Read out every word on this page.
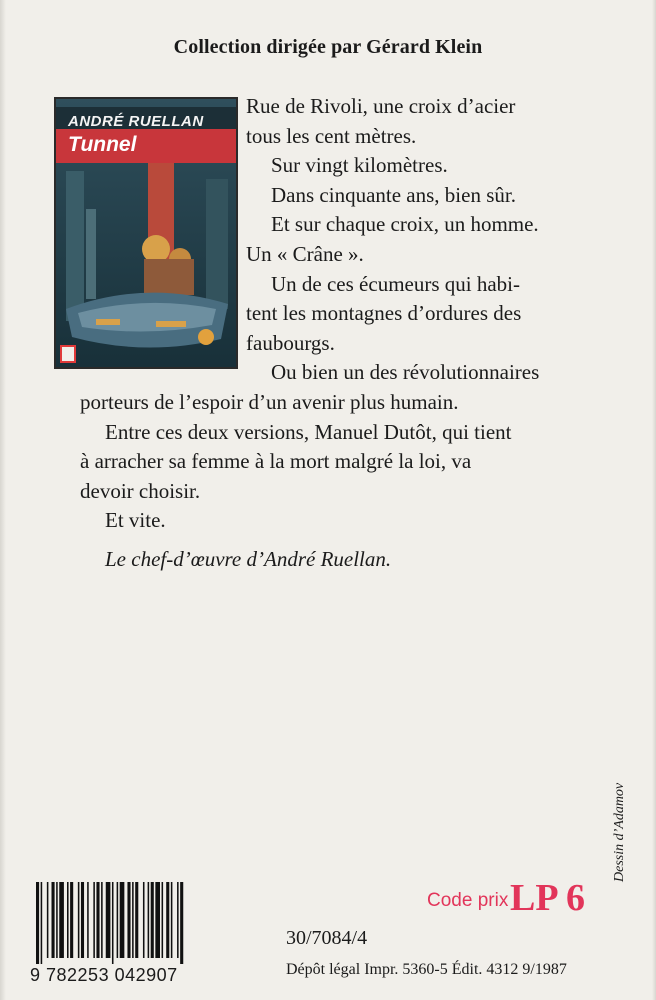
Collection dirigée par Gérard Klein
ANDRÉ RUELLAN
Tunnel

Rue de Rivoli, une croix d’acier

tous les cent mètres.

Sur vingt kilomètres.

Dans cinquante ans, bien sûr.

Et sur chaque croix, un homme.

Un « Crâne ».

Un de ces écumeurs qui habi-

tent les montagnes d’ordures des

faubourgs.

Ou bien un des révolutionnaires

porteurs de l’espoir d’un avenir plus humain.

Entre ces deux versions, Manuel Dutôt, qui tient

à arracher sa femme à la mort malgré la loi, va

devoir choisir.

Et vite.

Le chef-d’œuvre d’André Ruellan.

9 782253 042907
Code prix LP 6
30/7084/4
Dépôt légal Impr. 5360-5 Édit. 4312 9/1987
Dessin d’Adamov
